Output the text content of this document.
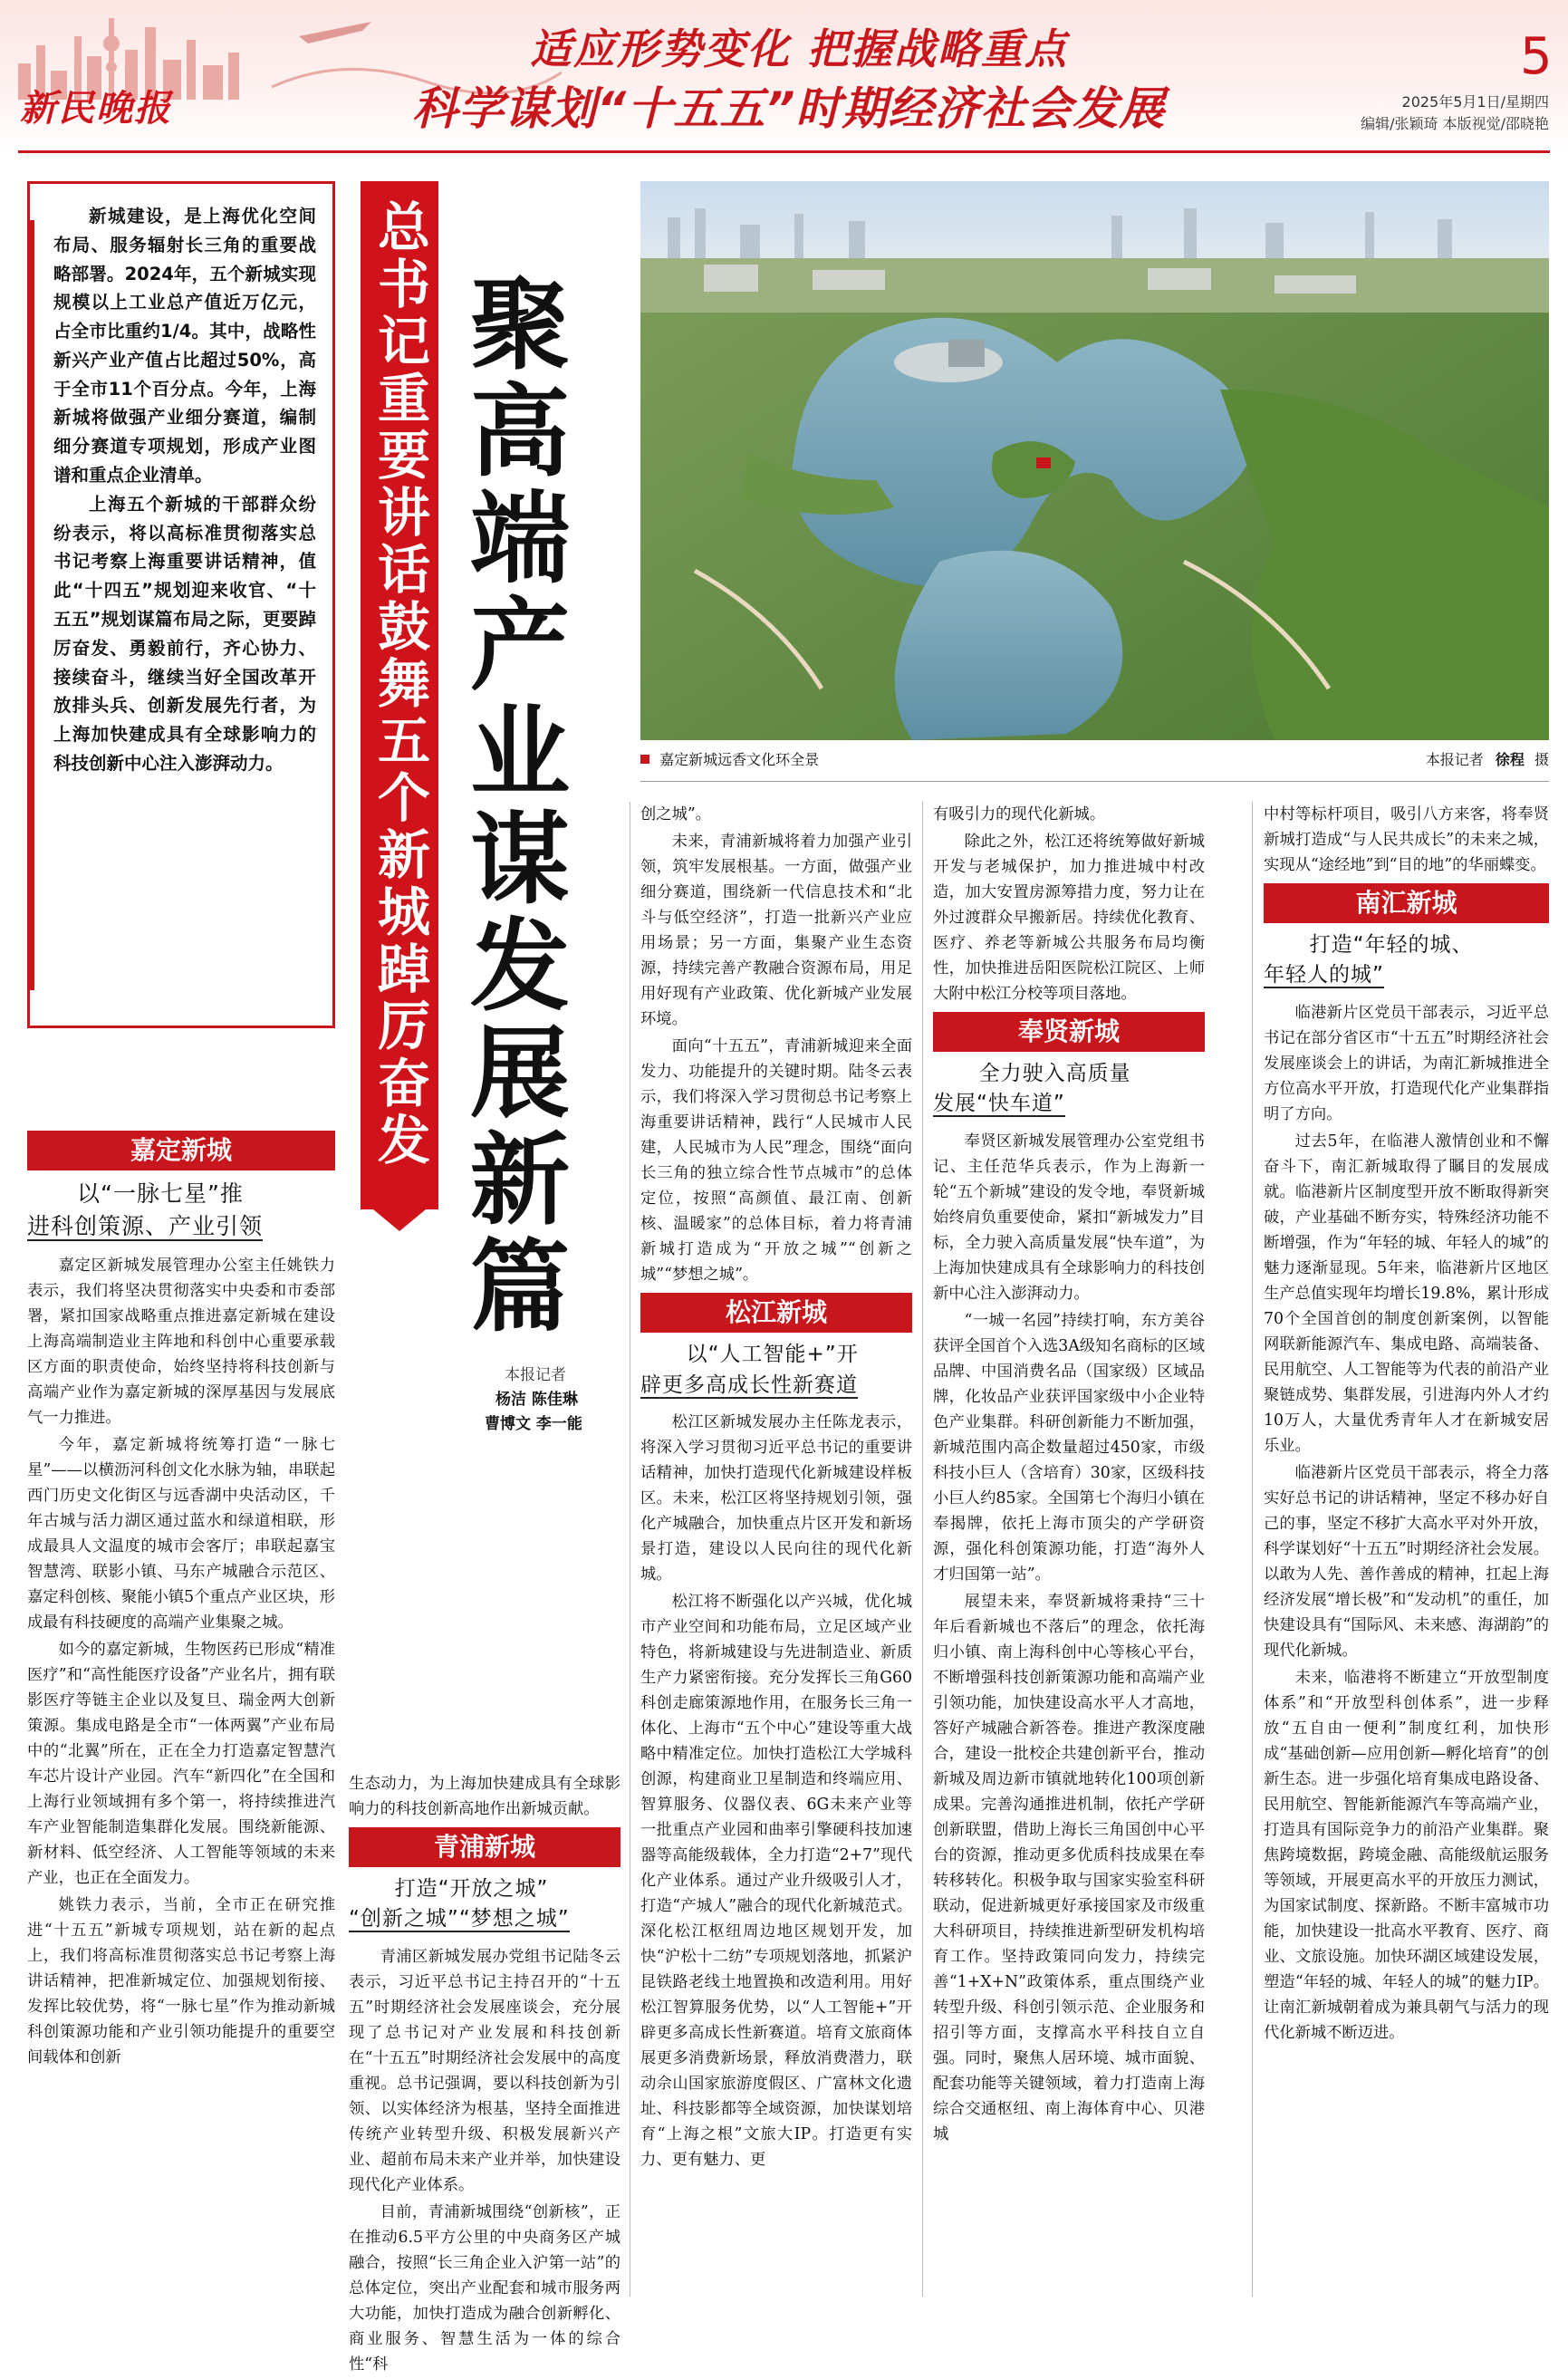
新民晚报
适应形势变化 把握战略重点
科学谋划“十五五”时期经济社会发展
5
2025年5月1日/星期四
编辑/张颖琦 本版视觉/邵晓艳

新城建设，是上海优化空间布局、服务辐射长三角的重要战略部署。2024年，五个新城实现规模以上工业总产值近万亿元，占全市比重约1/4。其中，战略性新兴产业产值占比超过50%，高于全市11个百分点。今年，上海新城将做强产业细分赛道，编制细分赛道专项规划，形成产业图谱和重点企业清单。

上海五个新城的干部群众纷纷表示，将以高标准贯彻落实总书记考察上海重要讲话精神，值此“十四五”规划迎来收官、“十五五”规划谋篇布局之际，更要踔厉奋发、勇毅前行，齐心协力、接续奋斗，继续当好全国改革开放排头兵、创新发展先行者，为上海加快建成具有全球影响力的科技创新中心注入澎湃动力。	总书记重要讲话鼓舞五个新城踔厉奋发 聚高端产业谋发展新篇
本报记者
杨洁 陈佳琳
曹博文 李一能
嘉定新城远香文化环全景	本报记者 徐程 摄
嘉定新城
以“一脉七星”推
进科创策源、产业引领

嘉定区新城发展管理办公室主任姚铁力表示，我们将坚决贯彻落实中央委和市委部署，紧扣国家战略重点推进嘉定新城在建设上海高端制造业主阵地和科创中心重要承载区方面的职责使命，始终坚持将科技创新与高端产业作为嘉定新城的深厚基因与发展底气一力推进。

今年，嘉定新城将统筹打造“一脉七星”——以横沥河科创文化水脉为轴，串联起西门历史文化街区与远香湖中央活动区，千年古城与活力湖区通过蓝水和绿道相联，形成最具人文温度的城市会客厅；串联起嘉宝智慧湾、联影小镇、马东产城融合示范区、嘉定科创核、聚能小镇5个重点产业区块，形成最有科技硬度的高端产业集聚之城。

如今的嘉定新城，生物医药已形成“精准医疗”和“高性能医疗设备”产业名片，拥有联影医疗等链主企业以及复旦、瑞金两大创新策源。集成电路是全市“一体两翼”产业布局中的“北翼”所在，正在全力打造嘉定智慧汽车芯片设计产业园。汽车“新四化”在全国和上海行业领域拥有多个第一，将持续推进汽车产业智能制造集群化发展。围绕新能源、新材料、低空经济、人工智能等领域的未来产业，也正在全面发力。

姚铁力表示，当前，全市正在研究推进“十五五”新城专项规划，站在新的起点上，我们将高标准贯彻落实总书记考察上海讲话精神，把准新城定位、加强规划衔接、发挥比较优势，将“一脉七星”作为推动新城科创策源功能和产业引领功能提升的重要空间载体和创新

生态动力，为上海加快建成具有全球影响力的科技创新高地作出新城贡献。

青浦新城
打造“开放之城”
“创新之城”“梦想之城”

青浦区新城发展办党组书记陆冬云表示，习近平总书记主持召开的“十五五”时期经济社会发展座谈会，充分展现了总书记对产业发展和科技创新在“十五五”时期经济社会发展中的高度重视。总书记强调，要以科技创新为引领、以实体经济为根基，坚持全面推进传统产业转型升级、积极发展新兴产业、超前布局未来产业并举，加快建设现代化产业体系。

目前，青浦新城围绕“创新核”，正在推动6.5平方公里的中央商务区产城融合，按照“长三角企业入沪第一站”的总体定位，突出产业配套和城市服务两大功能，加快打造成为融合创新孵化、商业服务、智慧生活为一体的综合性“科

创之城”。

未来，青浦新城将着力加强产业引领，筑牢发展根基。一方面，做强产业细分赛道，围绕新一代信息技术和“北斗与低空经济”，打造一批新兴产业应用场景；另一方面，集聚产业生态资源，持续完善产教融合资源布局，用足用好现有产业政策、优化新城产业发展环境。

面向“十五五”，青浦新城迎来全面发力、功能提升的关键时期。陆冬云表示，我们将深入学习贯彻总书记考察上海重要讲话精神，践行“人民城市人民建，人民城市为人民”理念，围绕“面向长三角的独立综合性节点城市”的总体定位，按照“高颜值、最江南、创新核、温暖家”的总体目标，着力将青浦新城打造成为“开放之城”“创新之城”“梦想之城”。

松江新城
以“人工智能+”开
辟更多高成长性新赛道

松江区新城发展办主任陈龙表示，将深入学习贯彻习近平总书记的重要讲话精神，加快打造现代化新城建设样板区。未来，松江区将坚持规划引领，强化产城融合，加快重点片区开发和新场景打造，建设以人民向往的现代化新城。

松江将不断强化以产兴城，优化城市产业空间和功能布局，立足区域产业特色，将新城建设与先进制造业、新质生产力紧密衔接。充分发挥长三角G60科创走廊策源地作用，在服务长三角一体化、上海市“五个中心”建设等重大战略中精准定位。加快打造松江大学城科创源，构建商业卫星制造和终端应用、智算服务、仪器仪表、6G未来产业等一批重点产业园和曲率引擎硬科技加速器等高能级载体，全力打造“2+7”现代化产业体系。通过产业升级吸引人才，打造“产城人”融合的现代化新城范式。深化松江枢纽周边地区规划开发，加快“沪松十二纺”专项规划落地，抓紧沪昆铁路老线土地置换和改造利用。用好松江智算服务优势，以“人工智能+”开辟更多高成长性新赛道。培育文旅商体展更多消费新场景，释放消费潜力，联动佘山国家旅游度假区、广富林文化遗址、科技影都等全域资源，加快谋划培育“上海之根”文旅大IP。打造更有实力、更有魅力、更

有吸引力的现代化新城。

除此之外，松江还将统筹做好新城开发与老城保护，加力推进城中村改造，加大安置房源筹措力度，努力让在外过渡群众早搬新居。持续优化教育、医疗、养老等新城公共服务布局均衡性，加快推进岳阳医院松江院区、上师大附中松江分校等项目落地。

奉贤新城
全力驶入高质量
发展“快车道”

奉贤区新城发展管理办公室党组书记、主任范华兵表示，作为上海新一轮“五个新城”建设的发令地，奉贤新城始终肩负重要使命，紧扣“新城发力”目标，全力驶入高质量发展“快车道”，为上海加快建成具有全球影响力的科技创新中心注入澎湃动力。

“一城一名园”持续打响，东方美谷获评全国首个入选3A级知名商标的区域品牌、中国消费名品（国家级）区域品牌，化妆品产业获评国家级中小企业特色产业集群。科研创新能力不断加强，新城范围内高企数量超过450家，市级科技小巨人（含培育）30家，区级科技小巨人约85家。全国第七个海归小镇在奉揭牌，依托上海市顶尖的产学研资源，强化科创策源功能，打造“海外人才归国第一站”。

展望未来，奉贤新城将秉持“三十年后看新城也不落后”的理念，依托海归小镇、南上海科创中心等核心平台，不断增强科技创新策源功能和高端产业引领功能，加快建设高水平人才高地，答好产城融合新答卷。推进产教深度融合，建设一批校企共建创新平台，推动新城及周边新市镇就地转化100项创新成果。完善沟通推进机制，依托产学研创新联盟，借助上海长三角国创中心平台的资源，推动更多优质科技成果在奉转移转化。积极争取与国家实验室科研联动，促进新城更好承接国家及市级重大科研项目，持续推进新型研发机构培育工作。坚持政策同向发力，持续完善“1+X+N”政策体系，重点围绕产业转型升级、科创引领示范、企业服务和招引等方面，支撑高水平科技自立自强。同时，聚焦人居环境、城市面貌、配套功能等关键领域，着力打造南上海综合交通枢纽、南上海体育中心、贝港城

中村等标杆项目，吸引八方来客，将奉贤新城打造成“与人民共成长”的未来之城，实现从“途经地”到“目的地”的华丽蝶变。

南汇新城
打造“年轻的城、
年轻人的城”

临港新片区党员干部表示，习近平总书记在部分省区市“十五五”时期经济社会发展座谈会上的讲话，为南汇新城推进全方位高水平开放，打造现代化产业集群指明了方向。

过去5年，在临港人激情创业和不懈奋斗下，南汇新城取得了瞩目的发展成就。临港新片区制度型开放不断取得新突破，产业基础不断夯实，特殊经济功能不断增强，作为“年轻的城、年轻人的城”的魅力逐渐显现。5年来，临港新片区地区生产总值实现年均增长19.8%，累计形成70个全国首创的制度创新案例，以智能网联新能源汽车、集成电路、高端装备、民用航空、人工智能等为代表的前沿产业聚链成势、集群发展，引进海内外人才约10万人，大量优秀青年人才在新城安居乐业。

临港新片区党员干部表示，将全力落实好总书记的讲话精神，坚定不移办好自己的事，坚定不移扩大高水平对外开放，科学谋划好“十五五”时期经济社会发展。以敢为人先、善作善成的精神，扛起上海经济发展“增长极”和“发动机”的重任，加快建设具有“国际风、未来感、海湖韵”的现代化新城。

未来，临港将不断建立“开放型制度体系”和“开放型科创体系”，进一步释放“五自由一便利”制度红利，加快形成“基础创新—应用创新—孵化培育”的创新生态。进一步强化培育集成电路设备、民用航空、智能新能源汽车等高端产业，打造具有国际竞争力的前沿产业集群。聚焦跨境数据，跨境金融、高能级航运服务等领域，开展更高水平的开放压力测试，为国家试制度、探新路。不断丰富城市功能，加快建设一批高水平教育、医疗、商业、文旅设施。加快环湖区域建设发展，塑造“年轻的城、年轻人的城”的魅力IP。让南汇新城朝着成为兼具朝气与活力的现代化新城不断迈进。
